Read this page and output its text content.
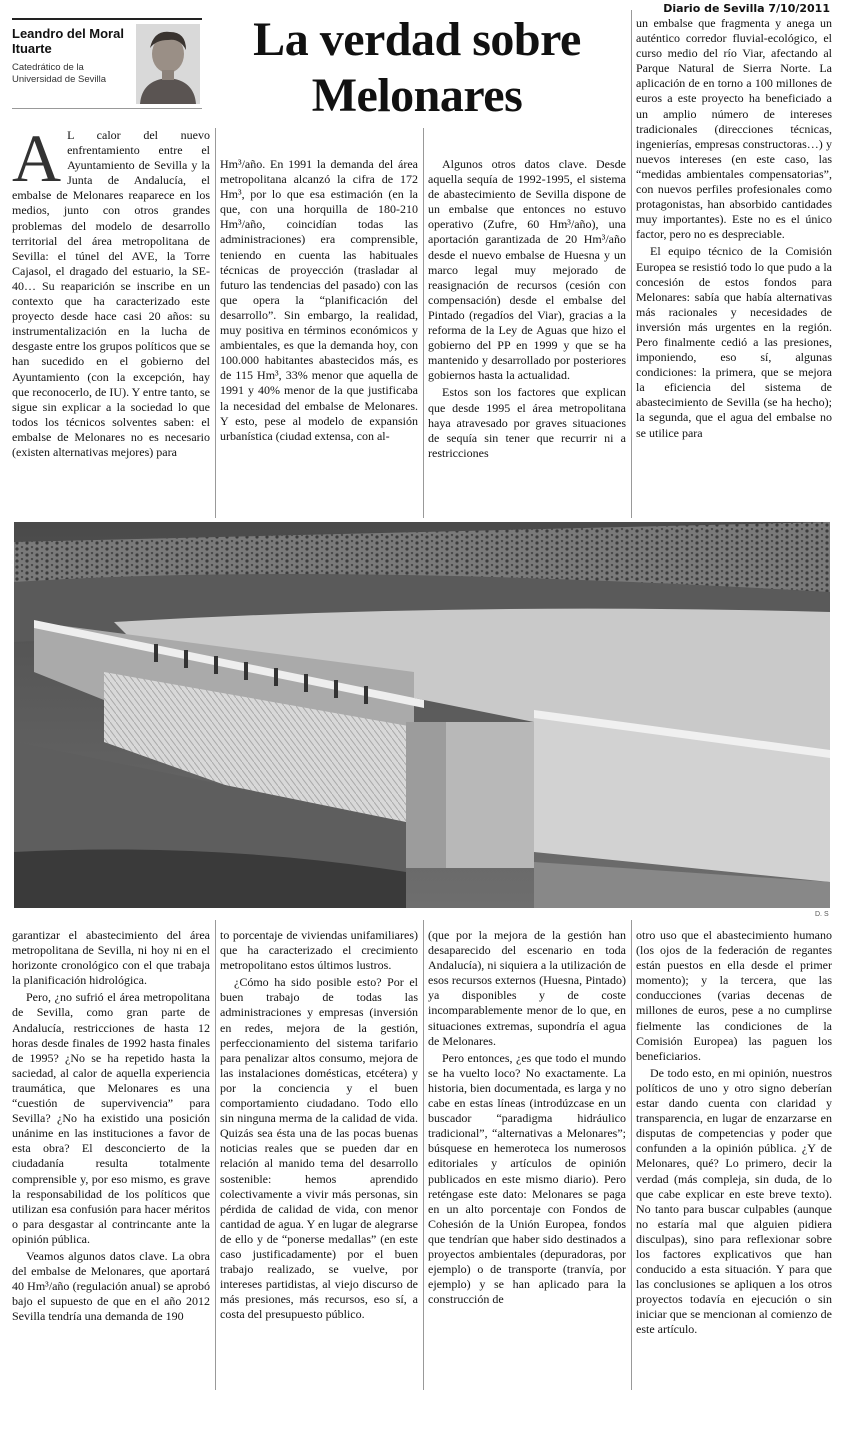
Diario de Sevilla 7/10/2011
Leandro del Moral Ituarte
Catedrático de la Universidad de Sevilla
La verdad sobre Melonares
A L calor del nuevo enfrentamiento entre el Ayuntamiento de Sevilla y la Junta de Andalucía, el embalse de Melonares reaparece en los medios, junto con otros grandes problemas del modelo de desarrollo territorial del área metropolitana de Sevilla: el túnel del AVE, la Torre Cajasol, el dragado del estuario, la SE-40… Su reaparición se inscribe en un contexto que ha caracterizado este proyecto desde hace casi 20 años: su instrumentalización en la lucha de desgaste entre los grupos políticos que se han sucedido en el gobierno del Ayuntamiento (con la excepción, hay que reconocerlo, de IU). Y entre tanto, se sigue sin explicar a la sociedad lo que todos los técnicos solventes saben: el embalse de Melonares no es necesario (existen alternativas mejores) para

Hm³/año. En 1991 la demanda del área metropolitana alcanzó la cifra de 172 Hm³, por lo que esa estimación (en la que, con una horquilla de 180-210 Hm³/año, coincidían todas las administraciones) era comprensible, teniendo en cuenta las habituales técnicas de proyección (trasladar al futuro las tendencias del pasado) con las que opera la “planificación del desarrollo”. Sin embargo, la realidad, muy positiva en términos económicos y ambientales, es que la demanda hoy, con 100.000 habitantes abastecidos más, es de 115 Hm³, 33% menor que aquella de 1991 y 40% menor de la que justificaba la necesidad del embalse de Melonares. Y esto, pese al modelo de expansión urbanística (ciudad extensa, con al-

Algunos otros datos clave. Desde aquella sequía de 1992-1995, el sistema de abastecimiento de Sevilla dispone de un embalse que entonces no estuvo operativo (Zufre, 60 Hm³/año), una aportación garantizada de 20 Hm³/año desde el nuevo embalse de Huesna y un marco legal muy mejorado de reasignación de recursos (cesión con compensación) desde el embalse del Pintado (regadíos del Viar), gracias a la reforma de la Ley de Aguas que hizo el gobierno del PP en 1999 y que se ha mantenido y desarrollado por posteriores gobiernos hasta la actualidad.

Estos son los factores que explican que desde 1995 el área metropolitana haya atravesado por graves situaciones de sequía sin tener que recurrir ni a restricciones

un embalse que fragmenta y anega un auténtico corredor fluvial-ecológico, el curso medio del río Viar, afectando al Parque Natural de Sierra Norte. La aplicación de en torno a 100 millones de euros a este proyecto ha beneficiado a un amplio número de intereses tradicionales (direcciones técnicas, ingenierías, empresas constructoras…) y nuevos intereses (en este caso, las “medidas ambientales compensatorias”, con nuevos perfiles profesionales como protagonistas, han absorbido cantidades muy importantes). Este no es el único factor, pero no es despreciable.

El equipo técnico de la Comisión Europea se resistió todo lo que pudo a la concesión de estos fondos para Melonares: sabía que había alternativas más racionales y necesidades de inversión más urgentes en la región. Pero finalmente cedió a las presiones, imponiendo, eso sí, algunas condiciones: la primera, que se mejora la eficiencia del sistema de abastecimiento de Sevilla (se ha hecho); la segunda, que el agua del embalse no se utilice para

D. S

garantizar el abastecimiento del área metropolitana de Sevilla, ni hoy ni en el horizonte cronológico con el que trabaja la planificación hidrológica.

Pero, ¿no sufrió el área metropolitana de Sevilla, como gran parte de Andalucía, restricciones de hasta 12 horas desde finales de 1992 hasta finales de 1995? ¿No se ha repetido hasta la saciedad, al calor de aquella experiencia traumática, que Melonares es una “cuestión de supervivencia” para Sevilla? ¿No ha existido una posición unánime en las instituciones a favor de esta obra? El desconcierto de la ciudadanía resulta totalmente comprensible y, por eso mismo, es grave la responsabilidad de los políticos que utilizan esa confusión para hacer méritos o para desgastar al contrincante ante la opinión pública.

Veamos algunos datos clave. La obra del embalse de Melonares, que aportará 40 Hm³/año (regulación anual) se aprobó bajo el supuesto de que en el año 2012 Sevilla tendría una demanda de 190

to porcentaje de viviendas unifamiliares) que ha caracterizado el crecimiento metropolitano estos últimos lustros.

¿Cómo ha sido posible esto? Por el buen trabajo de todas las administraciones y empresas (inversión en redes, mejora de la gestión, perfeccionamiento del sistema tarifario para penalizar altos consumo, mejora de las instalaciones domésticas, etcétera) y por la conciencia y el buen comportamiento ciudadano. Todo ello sin ninguna merma de la calidad de vida. Quizás sea ésta una de las pocas buenas noticias reales que se pueden dar en relación al manido tema del desarrollo sostenible: hemos aprendido colectivamente a vivir más personas, sin pérdida de calidad de vida, con menor cantidad de agua. Y en lugar de alegrarse de ello y de “ponerse medallas” (en este caso justificadamente) por el buen trabajo realizado, se vuelve, por intereses partidistas, al viejo discurso de más presiones, más recursos, eso sí, a costa del presupuesto público.

(que por la mejora de la gestión han desaparecido del escenario en toda Andalucía), ni siquiera a la utilización de esos recursos externos (Huesna, Pintado) ya disponibles y de coste incomparablemente menor de lo que, en situaciones extremas, supondría el agua de Melonares.

Pero entonces, ¿es que todo el mundo se ha vuelto loco? No exactamente. La historia, bien documentada, es larga y no cabe en estas líneas (introdúzcase en un buscador “paradigma hidráulico tradicional”, “alternativas a Melonares”; búsquese en hemeroteca los numerosos editoriales y artículos de opinión publicados en este mismo diario). Pero reténgase este dato: Melonares se paga en un alto porcentaje con Fondos de Cohesión de la Unión Europea, fondos que tendrían que haber sido destinados a proyectos ambientales (depuradoras, por ejemplo) o de transporte (tranvía, por ejemplo) y se han aplicado para la construcción de

otro uso que el abastecimiento humano (los ojos de la federación de regantes están puestos en ella desde el primer momento); y la tercera, que las conducciones (varias decenas de millones de euros, pese a no cumplirse fielmente las condiciones de la Comisión Europea) las paguen los beneficiarios.

De todo esto, en mi opinión, nuestros políticos de uno y otro signo deberían estar dando cuenta con claridad y transparencia, en lugar de enzarzarse en disputas de competencias y poder que confunden a la opinión pública. ¿Y de Melonares, qué? Lo primero, decir la verdad (más compleja, sin duda, de lo que cabe explicar en este breve texto). No tanto para buscar culpables (aunque no estaría mal que alguien pidiera disculpas), sino para reflexionar sobre los factores explicativos que han conducido a esta situación. Y para que las conclusiones se apliquen a los otros proyectos todavía en ejecución o sin iniciar que se mencionan al comienzo de este artículo.
